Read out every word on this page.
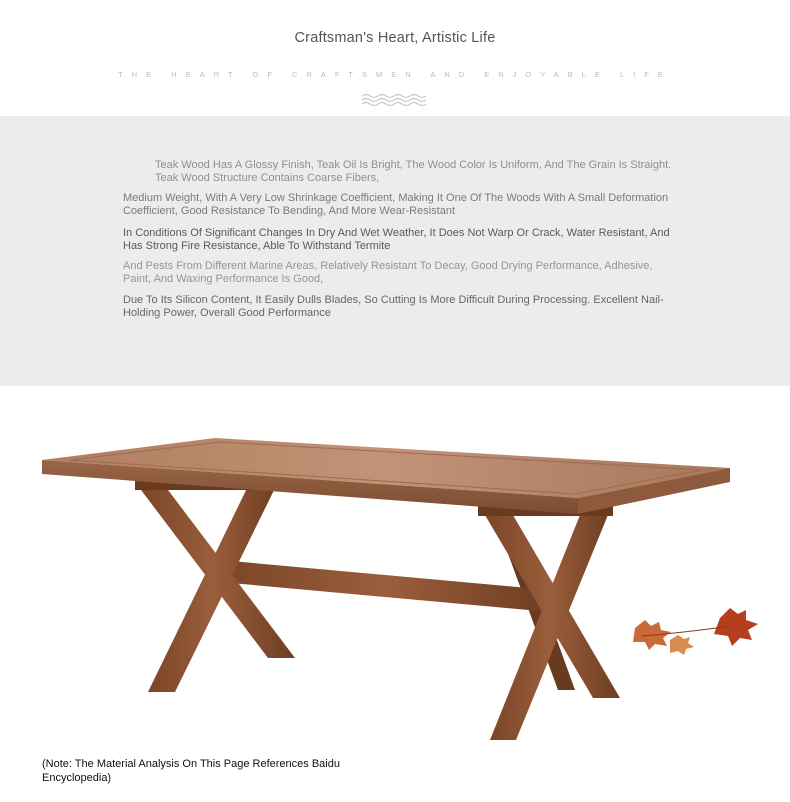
Craftsman's Heart, Artistic Life
THE HEART OF CRAFTSMEN AND ENJOYABLE LIFE
Teak Wood Has A Glossy Finish, Teak Oil Is Bright, The Wood Color Is Uniform, And The Grain Is Straight. Teak Wood Structure Contains Coarse Fibers,
Medium Weight, With A Very Low Shrinkage Coefficient, Making It One Of The Woods With A Small Deformation Coefficient, Good Resistance To Bending, And More Wear-Resistant
In Conditions Of Significant Changes In Dry And Wet Weather, It Does Not Warp Or Crack, Water Resistant, And Has Strong Fire Resistance, Able To Withstand Termite
And Pests From Different Marine Areas, Relatively Resistant To Decay, Good Drying Performance, Adhesive, Paint, And Waxing Performance Is Good,
Due To Its Silicon Content, It Easily Dulls Blades, So Cutting Is More Difficult During Processing. Excellent Nail-Holding Power, Overall Good Performance
(Note: The Material Analysis On This Page References Baidu Encyclopedia)
